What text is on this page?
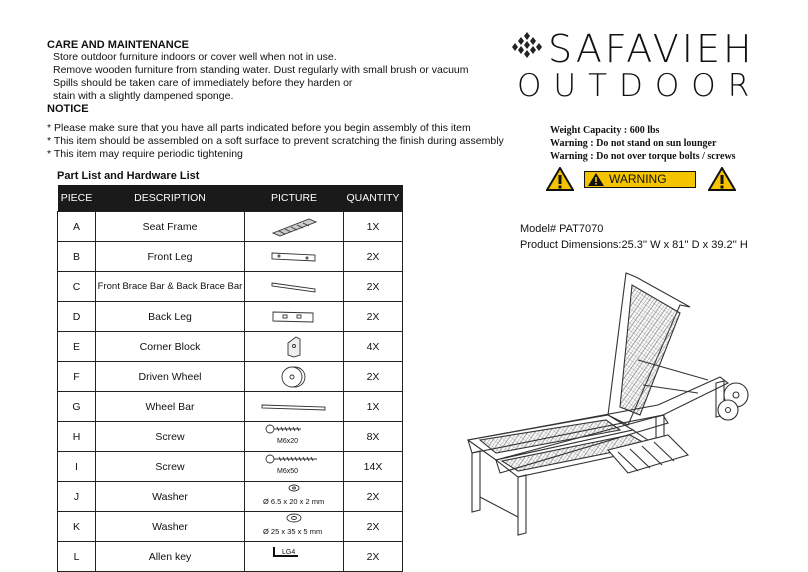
CARE AND MAINTENANCE
Store outdoor furniture indoors or cover well when not in use.
Remove wooden furniture from standing water. Dust regularly with small brush or vacuum
Spills should be taken care of immediately before they harden or
stain with a slightly dampened sponge.
NOTICE
* Please make sure that you have all parts indicated before you begin assembly of this item
* This item should be assembled on a soft surface to prevent scratching the finish during assembly
* This item may require periodic tightening
SAFAVIEH
OUTDOOR
Weight Capacity : 600 lbs
Warning : Do not stand on sun lounger
Warning : Do not over torque bolts / screws
WARNING
Model# PAT7070
Product Dimensions:25.3'' W x 81'' D x 39.2'' H
Part List and Hardware List
PIECE	DESCRIPTION	PICTURE	QUANTITY
A	Seat Frame		1X
B	Front Leg		2X
C	Front Brace Bar & Back Brace Bar		2X
D	Back Leg		2X
E	Corner Block		4X
F	Driven Wheel		2X
G	Wheel Bar		1X
H	Screw	M6x20	8X
I	Screw	M6x50	14X
J	Washer	Ø 6.5 x 20 x 2 mm	2X
K	Washer	Ø 25 x 35 x 5 mm	2X
L	Allen key	LG4	2X
